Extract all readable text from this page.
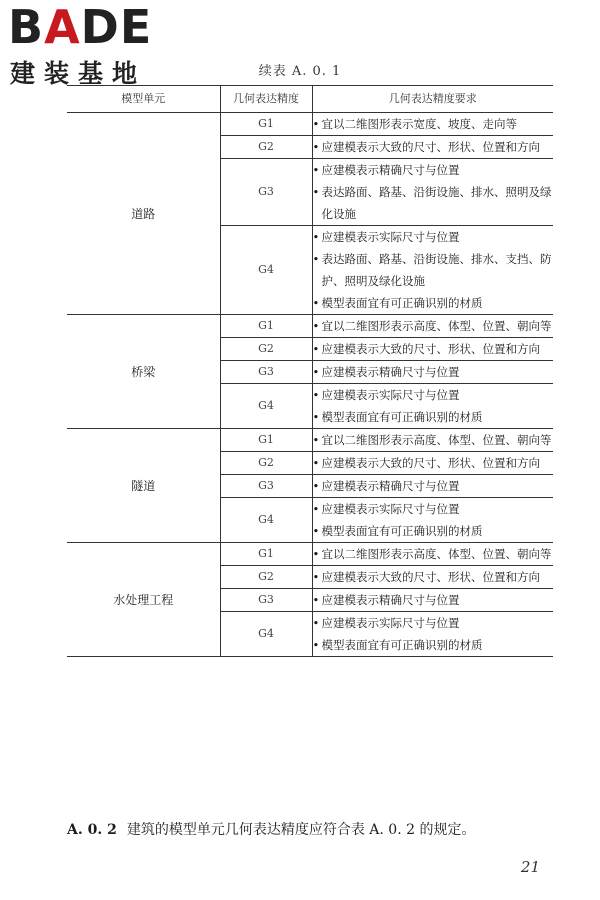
BADE
建装基地	续表 A. 0. 1
模型单元	几何表达精度	几何表达精度要求
道路	G1	• 宜以二维图形表示宽度、坡度、走向等

	G2	• 应建模表示大致的尺寸、形状、位置和方向

	G3	• 应建模表示精确尺寸与位置
• 表达路面、路基、沿街设施、排水、照明及绿化设施

	G4	• 应建模表示实际尺寸与位置
• 表达路面、路基、沿街设施、排水、支挡、防护、照明及绿化设施
• 模型表面宜有可正确识别的材质

桥梁	G1	• 宜以二维图形表示高度、体型、位置、朝向等

	G2	• 应建模表示大致的尺寸、形状、位置和方向

	G3	• 应建模表示精确尺寸与位置

	G4	• 应建模表示实际尺寸与位置
• 模型表面宜有可正确识别的材质

隧道	G1	• 宜以二维图形表示高度、体型、位置、朝向等

	G2	• 应建模表示大致的尺寸、形状、位置和方向

	G3	• 应建模表示精确尺寸与位置

	G4	• 应建模表示实际尺寸与位置
• 模型表面宜有可正确识别的材质

水处理工程	G1	• 宜以二维图形表示高度、体型、位置、朝向等

	G2	• 应建模表示大致的尺寸、形状、位置和方向

	G3	• 应建模表示精确尺寸与位置

	G4	• 应建模表示实际尺寸与位置
• 模型表面宜有可正确识别的材质
A. 0. 2 建筑的模型单元几何表达精度应符合表 A. 0. 2 的规定。
21
